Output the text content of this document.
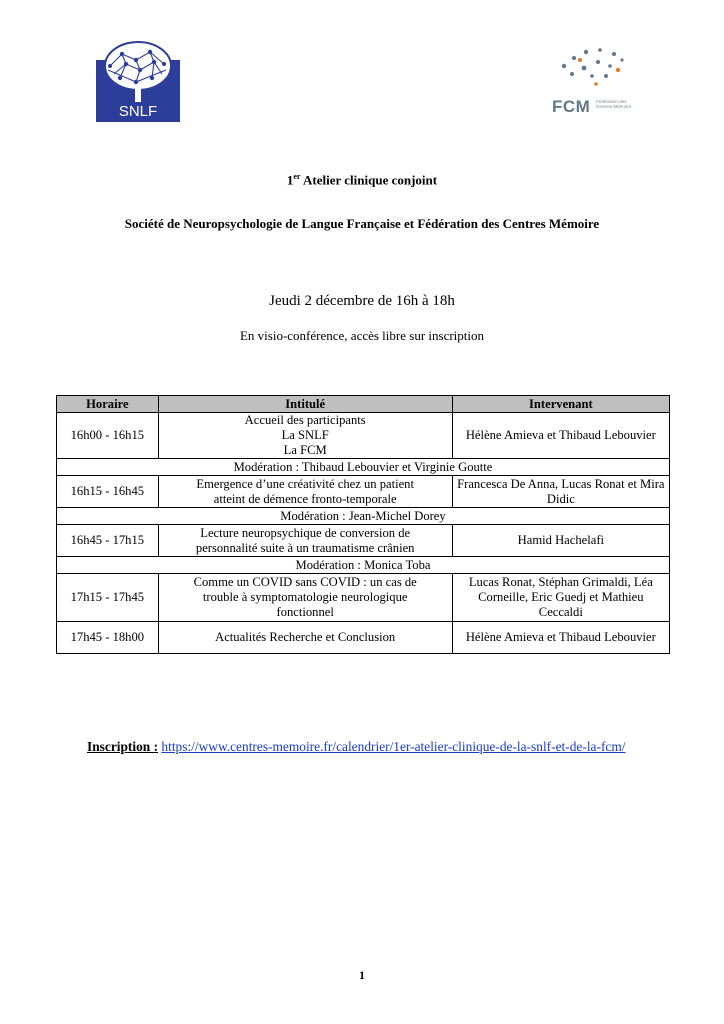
SNLF	FCM Fédération des Centres Mémoire
1er Atelier clinique conjoint
Société de Neuropsychologie de Langue Française et Fédération des Centres Mémoire
Jeudi 2 décembre de 16h à 18h
En visio-conférence, accès libre sur inscription
Horaire	Intitulé	Intervenant
16h00 - 16h15	Accueil des participants
La SNLF
La FCM	Hélène Amieva et Thibaud Lebouvier
Modération : Thibaud Lebouvier et Virginie Goutte		
16h15 - 16h45	Emergence d’une créativité chez un patient
atteint de démence fronto-temporale	Francesca De Anna, Lucas Ronat et Mira Didic
Modération : Jean-Michel Dorey		
16h45 - 17h15	Lecture neuropsychique de conversion de
personnalité suite à un traumatisme crânien	Hamid Hachelafi
Modération : Monica Toba		
17h15 - 17h45	Comme un COVID sans COVID : un cas de
trouble à symptomatologie neurologique
fonctionnel	Lucas Ronat, Stéphan Grimaldi, Léa Corneille, Eric Guedj et Mathieu Ceccaldi
17h45 - 18h00	Actualités Recherche et Conclusion	Hélène Amieva et Thibaud Lebouvier
Inscription : https://www.centres-memoire.fr/calendrier/1er-atelier-clinique-de-la-snlf-et-de-la-fcm/
1
